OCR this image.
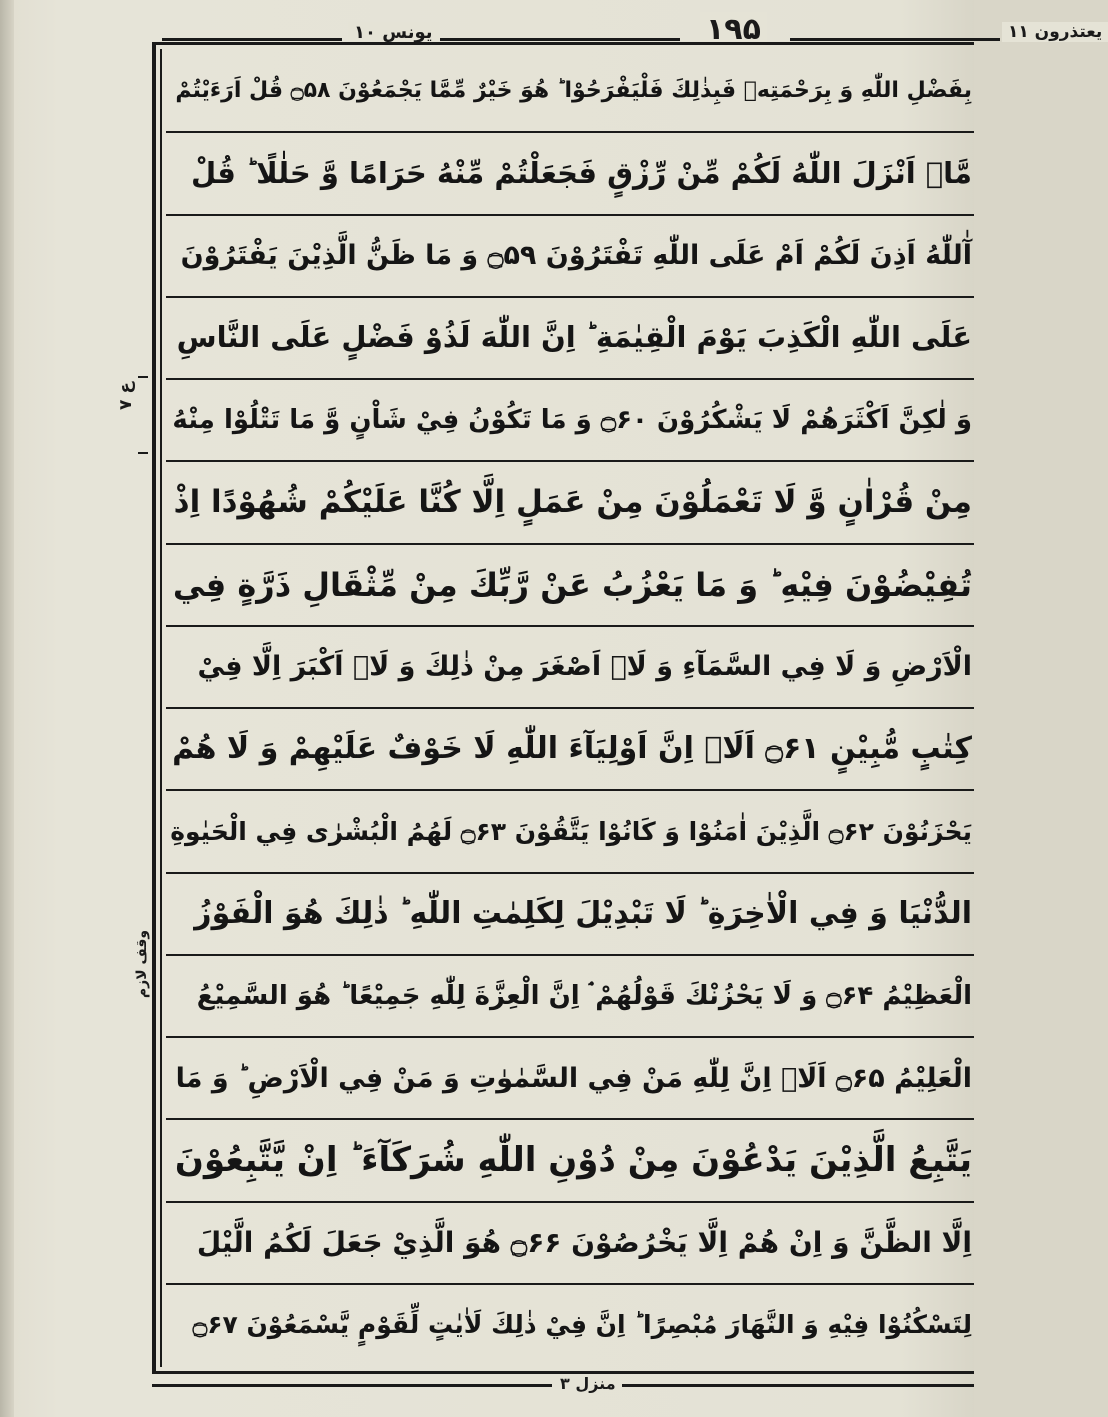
یونس ۱۰	۱۹۵	یعتذرون ۱۱
ع ۷
وقف لازم
بِفَضْلِ اللّٰهِ وَ بِرَحْمَتِهٖ فَبِذٰلِكَ فَلْيَفْرَحُوْا ؕ هُوَ خَيْرٌ مِّمَّا يَجْمَعُوْنَ ۝۵۸ قُلْ اَرَءَيْتُمْ
مَّاۤ اَنْزَلَ اللّٰهُ لَكُمْ مِّنْ رِّزْقٍ فَجَعَلْتُمْ مِّنْهُ حَرَامًا وَّ حَلٰلًا ؕ قُلْ
آٰللّٰهُ اَذِنَ لَكُمْ اَمْ عَلَى اللّٰهِ تَفْتَرُوْنَ ۝۵۹ وَ مَا ظَنُّ الَّذِيْنَ يَفْتَرُوْنَ
عَلَى اللّٰهِ الْكَذِبَ يَوْمَ الْقِيٰمَةِ ؕ اِنَّ اللّٰهَ لَذُوْ فَضْلٍ عَلَى النَّاسِ
وَ لٰكِنَّ اَكْثَرَهُمْ لَا يَشْكُرُوْنَ ۝۶۰ وَ مَا تَكُوْنُ فِيْ شَاْنٍ وَّ مَا تَتْلُوْا مِنْهُ
مِنْ قُرْاٰنٍ وَّ لَا تَعْمَلُوْنَ مِنْ عَمَلٍ اِلَّا كُنَّا عَلَيْكُمْ شُهُوْدًا اِذْ
تُفِيْضُوْنَ فِيْهِ ؕ وَ مَا يَعْزُبُ عَنْ رَّبِّكَ مِنْ مِّثْقَالِ ذَرَّةٍ فِي
الْاَرْضِ وَ لَا فِي السَّمَآءِ وَ لَاۤ اَصْغَرَ مِنْ ذٰلِكَ وَ لَاۤ اَكْبَرَ اِلَّا فِيْ
كِتٰبٍ مُّبِيْنٍ ۝۶۱ اَلَاۤ اِنَّ اَوْلِيَآءَ اللّٰهِ لَا خَوْفٌ عَلَيْهِمْ وَ لَا هُمْ
يَحْزَنُوْنَ ۝۶۲ الَّذِيْنَ اٰمَنُوْا وَ كَانُوْا يَتَّقُوْنَ ۝۶۳ لَهُمُ الْبُشْرٰى فِي الْحَيٰوةِ
الدُّنْيَا وَ فِي الْاٰخِرَةِ ؕ لَا تَبْدِيْلَ لِكَلِمٰتِ اللّٰهِ ؕ ذٰلِكَ هُوَ الْفَوْزُ
الْعَظِيْمُ ۝۶۴ وَ لَا يَحْزُنْكَ قَوْلُهُمْ ۘ اِنَّ الْعِزَّةَ لِلّٰهِ جَمِيْعًا ؕ هُوَ السَّمِيْعُ
الْعَلِيْمُ ۝۶۵ اَلَاۤ اِنَّ لِلّٰهِ مَنْ فِي السَّمٰوٰتِ وَ مَنْ فِي الْاَرْضِ ؕ وَ مَا
يَتَّبِعُ الَّذِيْنَ يَدْعُوْنَ مِنْ دُوْنِ اللّٰهِ شُرَكَآءَ ؕ اِنْ يَّتَّبِعُوْنَ
اِلَّا الظَّنَّ وَ اِنْ هُمْ اِلَّا يَخْرُصُوْنَ ۝۶۶ هُوَ الَّذِيْ جَعَلَ لَكُمُ الَّيْلَ
لِتَسْكُنُوْا فِيْهِ وَ النَّهَارَ مُبْصِرًا ؕ اِنَّ فِيْ ذٰلِكَ لَاٰيٰتٍ لِّقَوْمٍ يَّسْمَعُوْنَ ۝۶۷
منزل ۳
